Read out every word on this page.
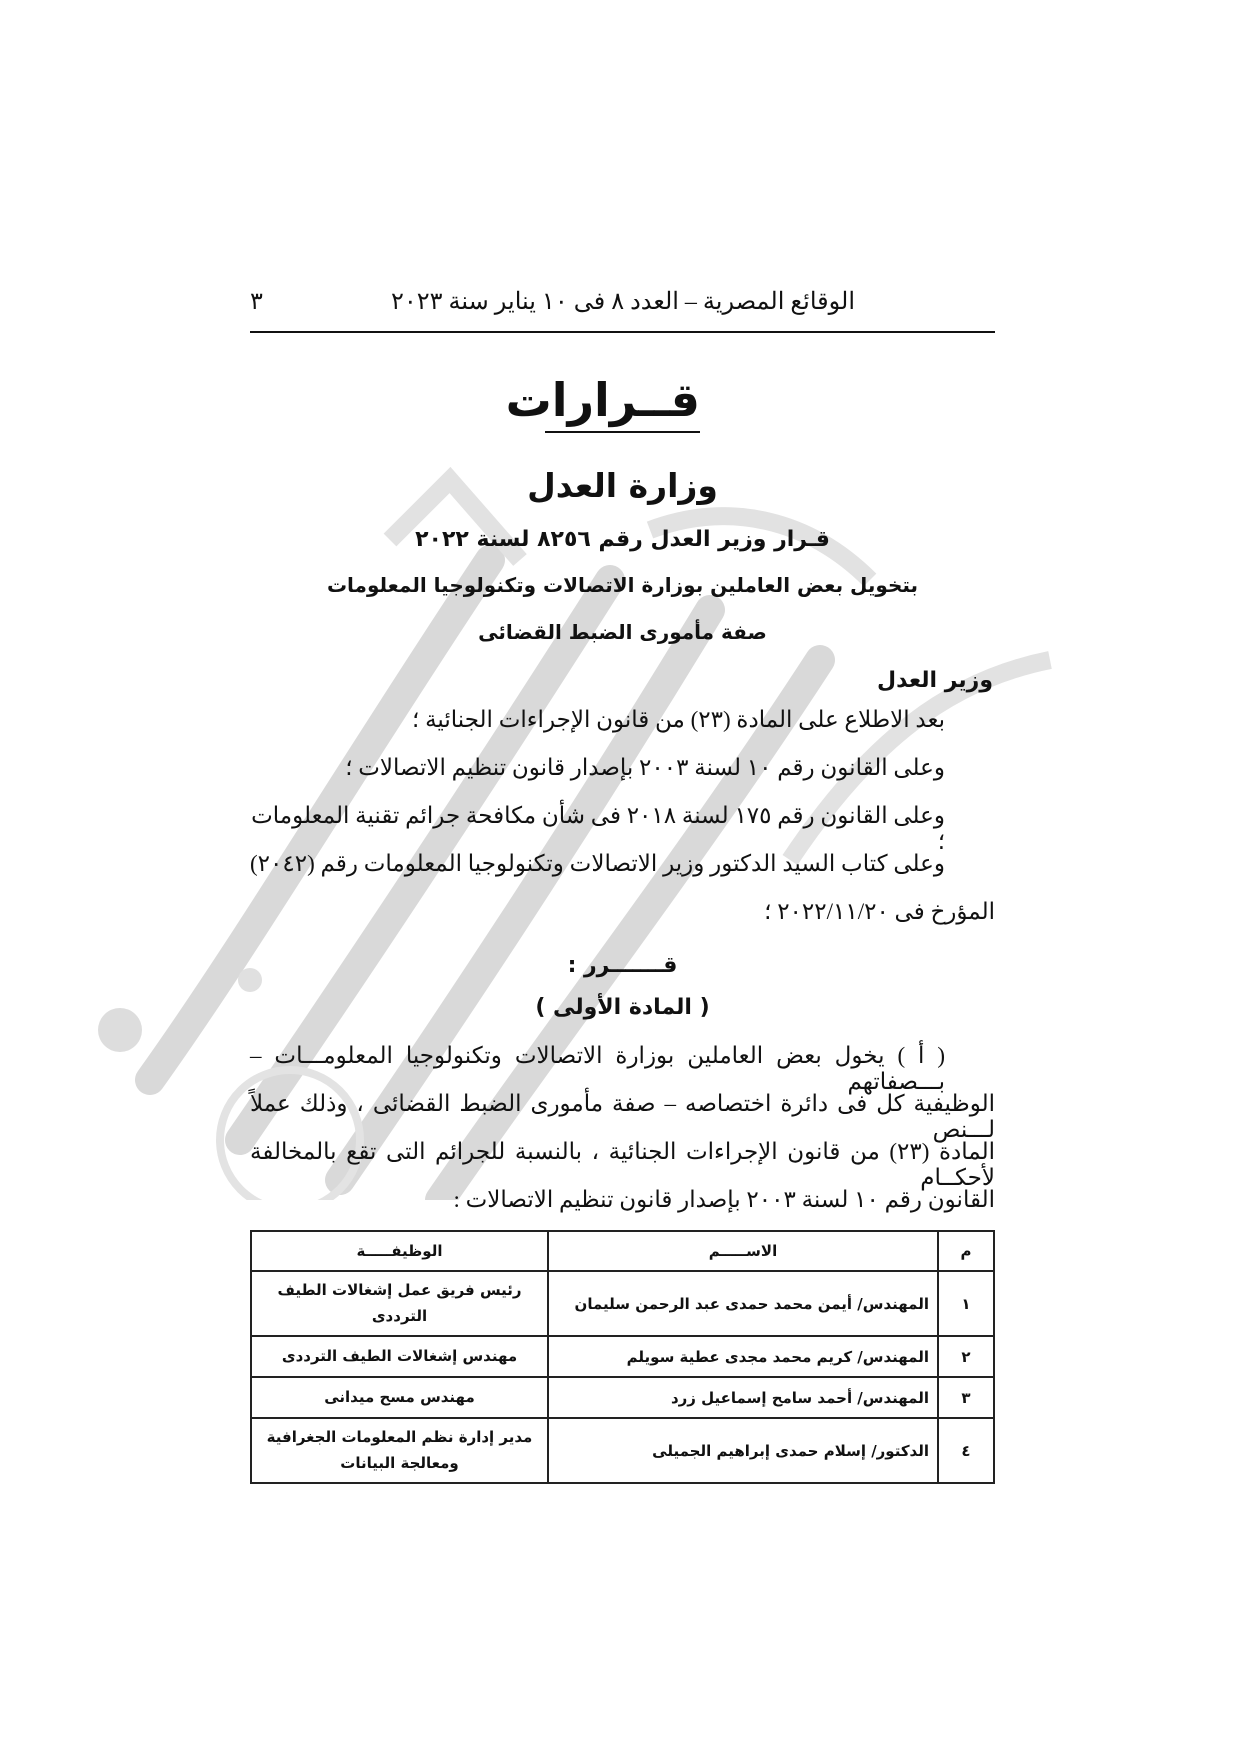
الوقائع المصرية – العدد ٨ فى ١٠ يناير سنة ٢٠٢٣
٣
قــرارات
وزارة العدل
قـرار وزير العدل رقم ٨٢٥٦ لسنة ٢٠٢٢
بتخويل بعض العاملين بوزارة الاتصالات وتكنولوجيا المعلومات
صفة مأمورى الضبط القضائى
وزير العدل
بعد الاطلاع على المادة (٢٣) من قانون الإجراءات الجنائية ؛
وعلى القانون رقم ١٠ لسنة ٢٠٠٣ بإصدار قانون تنظيم الاتصالات ؛
وعلى القانون رقم ١٧٥ لسنة ٢٠١٨ فى شأن مكافحة جرائم تقنية المعلومات ؛
وعلى كتاب السيد الدكتور وزير الاتصالات وتكنولوجيا المعلومات رقم (٢٠٤٢)
المؤرخ فى ٢٠٢٢/١١/٢٠ ؛
قـــــــرر :
( المادة الأولى )
( أ ) يخول بعض العاملين بوزارة الاتصالات وتكنولوجيا المعلومـــات – بـــصفاتهم
الوظيفية كل فى دائرة اختصاصه – صفة مأمورى الضبط القضائى ، وذلك عملاً لـــنص
المادة (٢٣) من قانون الإجراءات الجنائية ، بالنسبة للجرائم التى تقع بالمخالفة لأحكــام
القانون رقم ١٠ لسنة ٢٠٠٣ بإصدار قانون تنظيم الاتصالات :
م	الاســـــم	الوظيفـــــة
١	المهندس/ أيمن محمد حمدى عبد الرحمن سليمان	رئيس فريق عمل إشغالات الطيف الترددى
٢	المهندس/ كريم محمد مجدى عطية سويلم	مهندس إشغالات الطيف الترددى
٣	المهندس/ أحمد سامح إسماعيل زرد	مهندس مسح ميدانى
٤	الدكتور/ إسلام حمدى إبراهيم الجميلى	مدير إدارة نظم المعلومات الجغرافية
ومعالجة البيانات
